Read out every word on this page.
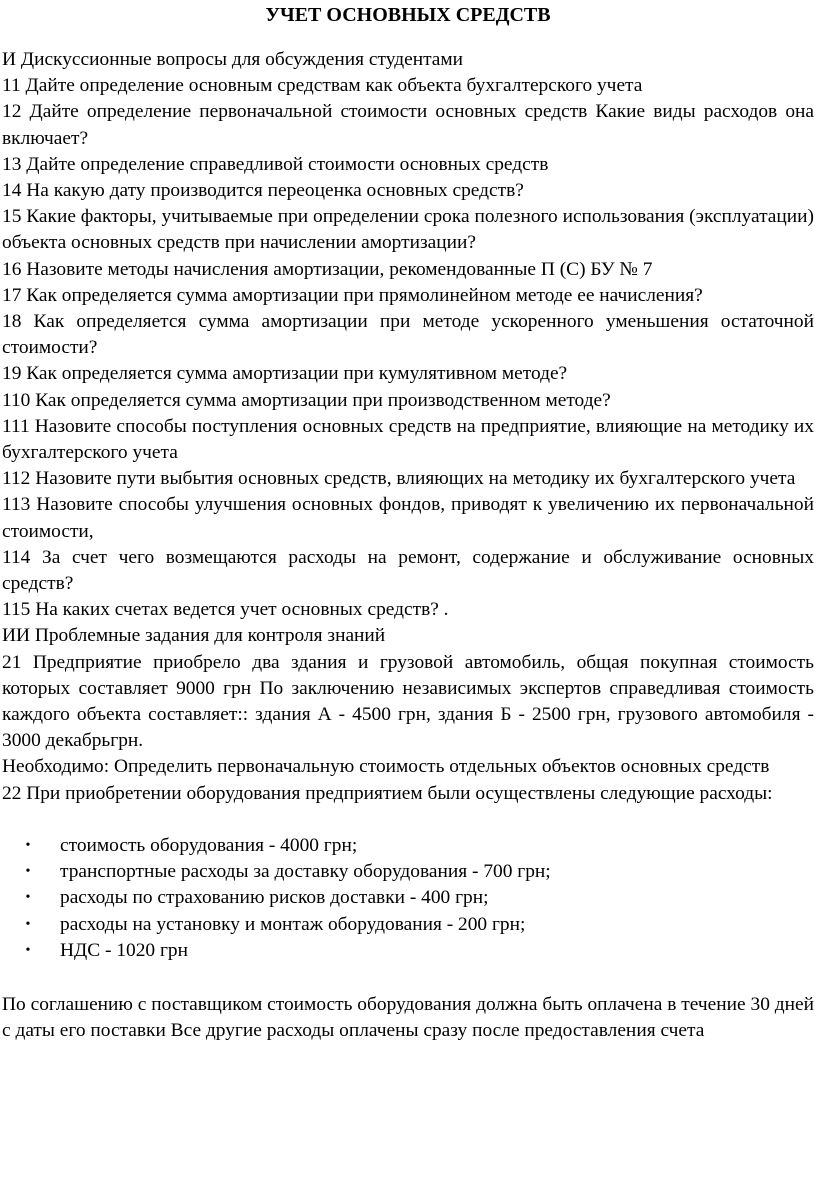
УЧЕТ ОСНОВНЫХ СРЕДСТВ

И Дискуссионные вопросы для обсуждения студентами

11 Дайте определение основным средствам как объекта бухгалтерского учета

12 Дайте определение первоначальной стоимости основных средств Какие виды расходов она включает?

13 Дайте определение справедливой стоимости основных средств

14 На какую дату производится переоценка основных средств?

15 Какие факторы, учитываемые при определении срока полезного использования (эксплуатации) объекта основных средств при начислении амортизации?

16 Назовите методы начисления амортизации, рекомендованные П (С) БУ № 7

17 Как определяется сумма амортизации при прямолинейном методе ее начисления?

18 Как определяется сумма амортизации при методе ускоренного уменьшения остаточной стоимости?

19 Как определяется сумма амортизации при кумулятивном методе?

110 Как определяется сумма амортизации при производственном методе?

111 Назовите способы поступления основных средств на предприятие, влияющие на методику их бухгалтерского учета

112 Назовите пути выбытия основных средств, влияющих на методику их бухгалтерского учета

113 Назовите способы улучшения основных фондов, приводят к увеличению их первоначальной стоимости,

114 За счет чего возмещаются расходы на ремонт, содержание и обслуживание основных средств?

115 На каких счетах ведется учет основных средств? .

ИИ Проблемные задания для контроля знаний

21 Предприятие приобрело два здания и грузовой автомобиль, общая покупная стоимость которых составляет 9000 грн По заключению независимых экспертов справедливая стоимость каждого объекта составляет:: здания А - 4500 грн, здания Б - 2500 грн, грузового автомобиля - 3000 декабрьгрн.

Необходимо: Определить первоначальную стоимость отдельных объектов основных средств

22 При приобретении оборудования предприятием были осуществлены следующие расходы:

•	стоимость оборудования - 4000 грн;
•	транспортные расходы за доставку оборудования - 700 грн;
•	расходы по страхованию рисков доставки - 400 грн;
•	расходы на установку и монтаж оборудования - 200 грн;
•	НДС - 1020 грн

По соглашению с поставщиком стоимость оборудования должна быть оплачена в течение 30 дней с даты его поставки Все другие расходы оплачены сразу после предоставления счета
